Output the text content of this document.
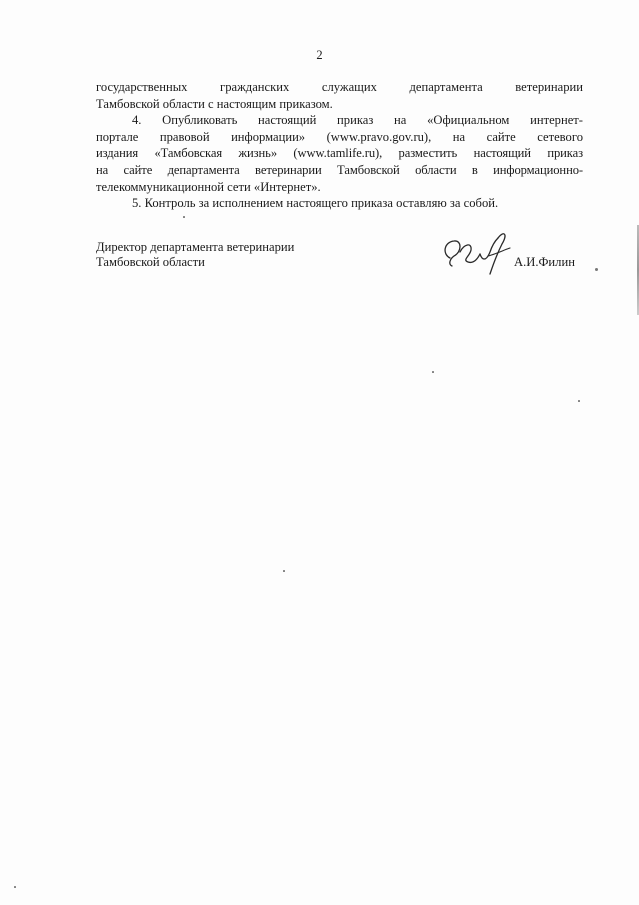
2

государственных гражданских служащих департамента ветеринарии

Тамбовской области с настоящим приказом.

4. Опубликовать настоящий приказ на «Официальном интернет-

портале правовой информации» (www.pravo.gov.ru), на сайте сетевого

издания «Тамбовская жизнь» (www.tamlife.ru), разместить настоящий приказ

на сайте департамента ветеринарии Тамбовской области в информационно-

телекоммуникационной сети «Интернет».

5. Контроль за исполнением настоящего приказа оставляю за собой.

Директор департамента ветеринарии

Тамбовской области	А.И.Филин
